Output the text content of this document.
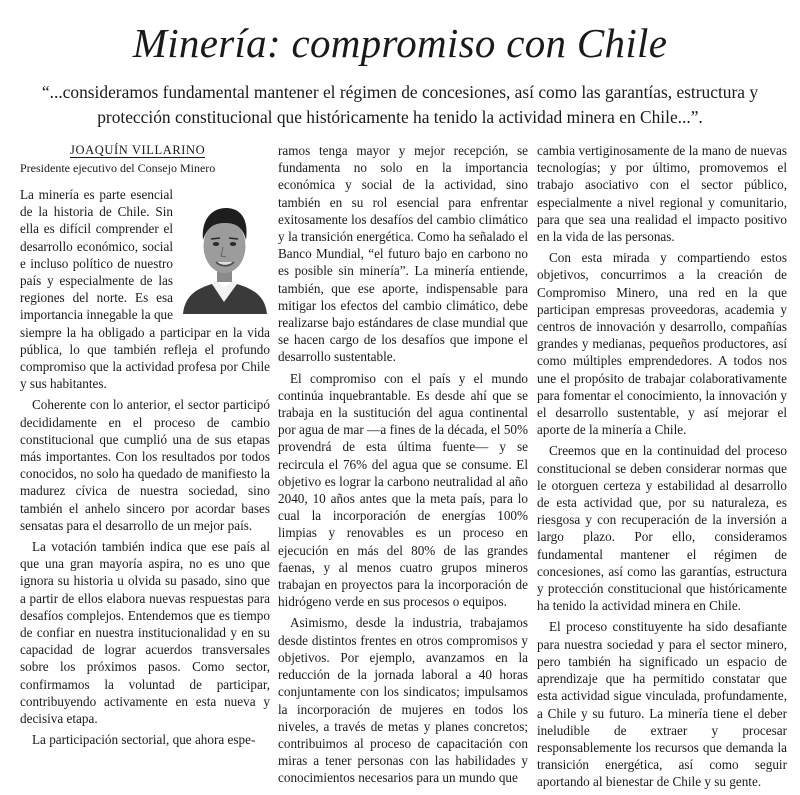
Minería: compromiso con Chile
“...consideramos fundamental mantener el régimen de concesiones, así como las garantías, estructura y protección constitucional que históricamente ha tenido la actividad minera en Chile...”.
JOAQUÍN VILLARINO
Presidente ejecutivo del Consejo Minero

La minería es parte esencial de la historia de Chile. Sin ella es difícil comprender el desarrollo económico, social e incluso político de nuestro país y especialmente de las regiones del norte. Es esa importancia innegable la que siempre la ha obligado a participar en la vida pública, lo que también refleja el profundo compromiso que la actividad profesa por Chile y sus habitantes.

Coherente con lo anterior, el sector participó decididamente en el proceso de cambio constitucional que cumplió una de sus etapas más importantes. Con los resultados por todos conocidos, no solo ha quedado de manifiesto la madurez cívica de nuestra sociedad, sino también el anhelo sincero por acordar bases sensatas para el desarrollo de un mejor país.

La votación también indica que ese país al que una gran mayoría aspira, no es uno que ignora su historia u olvida su pasado, sino que a partir de ellos elabora nuevas respuestas para desafíos complejos. Entendemos que es tiempo de confiar en nuestra institucionalidad y en su capacidad de lograr acuerdos transversales sobre los próximos pasos. Como sector, confirmamos la voluntad de participar, contribuyendo activamente en esta nueva y decisiva etapa.

La participación sectorial, que ahora espe-

ramos tenga mayor y mejor recepción, se fundamenta no solo en la importancia económica y social de la actividad, sino también en su rol esencial para enfrentar exitosamente los desafíos del cambio climático y la transición energética. Como ha señalado el Banco Mundial, “el futuro bajo en carbono no es posible sin minería”. La minería entiende, también, que ese aporte, indispensable para mitigar los efectos del cambio climático, debe realizarse bajo estándares de clase mundial que se hacen cargo de los desafíos que impone el desarrollo sustentable.

El compromiso con el país y el mundo continúa inquebrantable. Es desde ahí que se trabaja en la sustitución del agua continental por agua de mar —a fines de la década, el 50% provendrá de esta última fuente— y se recircula el 76% del agua que se consume. El objetivo es lograr la carbono neutralidad al año 2040, 10 años antes que la meta país, para lo cual la incorporación de energías 100% limpias y renovables es un proceso en ejecución en más del 80% de las grandes faenas, y al menos cuatro grupos mineros trabajan en proyectos para la incorporación de hidrógeno verde en sus procesos o equipos.

Asimismo, desde la industria, trabajamos desde distintos frentes en otros compromisos y objetivos. Por ejemplo, avanzamos en la reducción de la jornada laboral a 40 horas conjuntamente con los sindicatos; impulsamos la incorporación de mujeres en todos los niveles, a través de metas y planes concretos; contribuimos al proceso de capacitación con miras a tener personas con las habilidades y conocimientos necesarios para un mundo que

cambia vertiginosamente de la mano de nuevas tecnologías; y por último, promovemos el trabajo asociativo con el sector público, especialmente a nivel regional y comunitario, para que sea una realidad el impacto positivo en la vida de las personas.

Con esta mirada y compartiendo estos objetivos, concurrimos a la creación de Compromiso Minero, una red en la que participan empresas proveedoras, academia y centros de innovación y desarrollo, compañías grandes y medianas, pequeños productores, así como múltiples emprendedores. A todos nos une el propósito de trabajar colaborativamente para fomentar el conocimiento, la innovación y el desarrollo sustentable, y así mejorar el aporte de la minería a Chile.

Creemos que en la continuidad del proceso constitucional se deben considerar normas que le otorguen certeza y estabilidad al desarrollo de esta actividad que, por su naturaleza, es riesgosa y con recuperación de la inversión a largo plazo. Por ello, consideramos fundamental mantener el régimen de concesiones, así como las garantías, estructura y protección constitucional que históricamente ha tenido la actividad minera en Chile.

El proceso constituyente ha sido desafiante para nuestra sociedad y para el sector minero, pero también ha significado un espacio de aprendizaje que ha permitido constatar que esta actividad sigue vinculada, profundamente, a Chile y su futuro. La minería tiene el deber ineludible de extraer y procesar responsablemente los recursos que demanda la transición energética, así como seguir aportando al bienestar de Chile y su gente.
